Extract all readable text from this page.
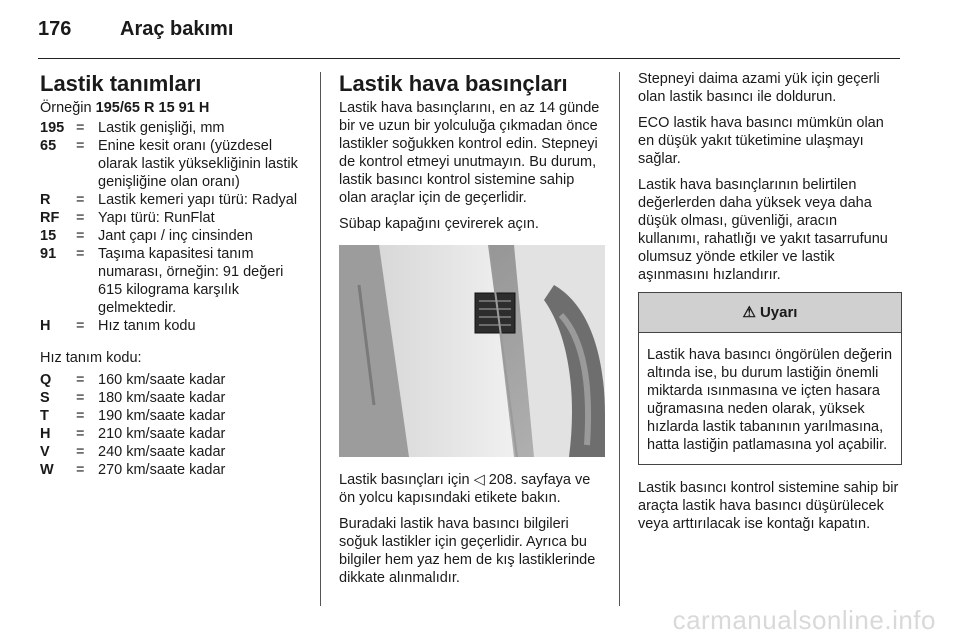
176 Araç bakımı
Lastik tanımları
Örneğin 195/65 R 15 91 H
195 = Lastik genişliği, mm
65	= Enine kesit oranı (yüzdesel olarak lastik yüksekliğinin lastik genişliğine olan oranı)
R	= Lastik kemeri yapı türü: Radyal
RF	= Yapı türü: RunFlat
15	= Jant çapı / inç cinsinden
91	= Taşıma kapasitesi tanım numarası, örneğin: 91 değeri 615 kilograma karşılık gelmektedir.
H	= Hız tanım kodu
Hız tanım kodu:
Q	= 160 km/saate kadar
S	= 180 km/saate kadar
T	= 190 km/saate kadar
H	= 210 km/saate kadar
V	= 240 km/saate kadar
W	= 270 km/saate kadar
Lastik hava basınçları

Lastik hava basınçlarını, en az 14 günde bir ve uzun bir yolculuğa çıkmadan önce lastikler soğukken kontrol edin. Stepneyi de kontrol etmeyi unutmayın. Bu durum, lastik basıncı kontrol sistemine sahip olan araçlar için de geçerlidir.

Sübap kapağını çevirerek açın.

Lastik basınçları için ◁ 208. sayfaya ve ön yolcu kapısındaki etikete bakın.

Buradaki lastik hava basıncı bilgileri soğuk lastikler için geçerlidir. Ayrıca bu bilgiler hem yaz hem de kış lastiklerinde dikkate alınmalıdır.

Stepneyi daima azami yük için geçerli olan lastik basıncı ile doldurun.

ECO lastik hava basıncı mümkün olan en düşük yakıt tüketimine ulaşmayı sağlar.

Lastik hava basınçlarının belirtilen değerlerden daha yüksek veya daha düşük olması, güvenliği, aracın kullanımı, rahatlığı ve yakıt tasarrufunu olumsuz yönde etkiler ve lastik aşınmasını hızlandırır.

⚠ Uyarı
Lastik hava basıncı öngörülen değerin altında ise, bu durum lastiğin önemli miktarda ısınmasına ve içten hasara uğramasına neden olarak, yüksek hızlarda lastik tabanının yarılmasına, hatta lastiğin patlamasına yol açabilir.

Lastik basıncı kontrol sistemine sahip bir araçta lastik hava basıncı düşürülecek veya arttırılacak ise kontağı kapatın.

carmanualsonline.info
